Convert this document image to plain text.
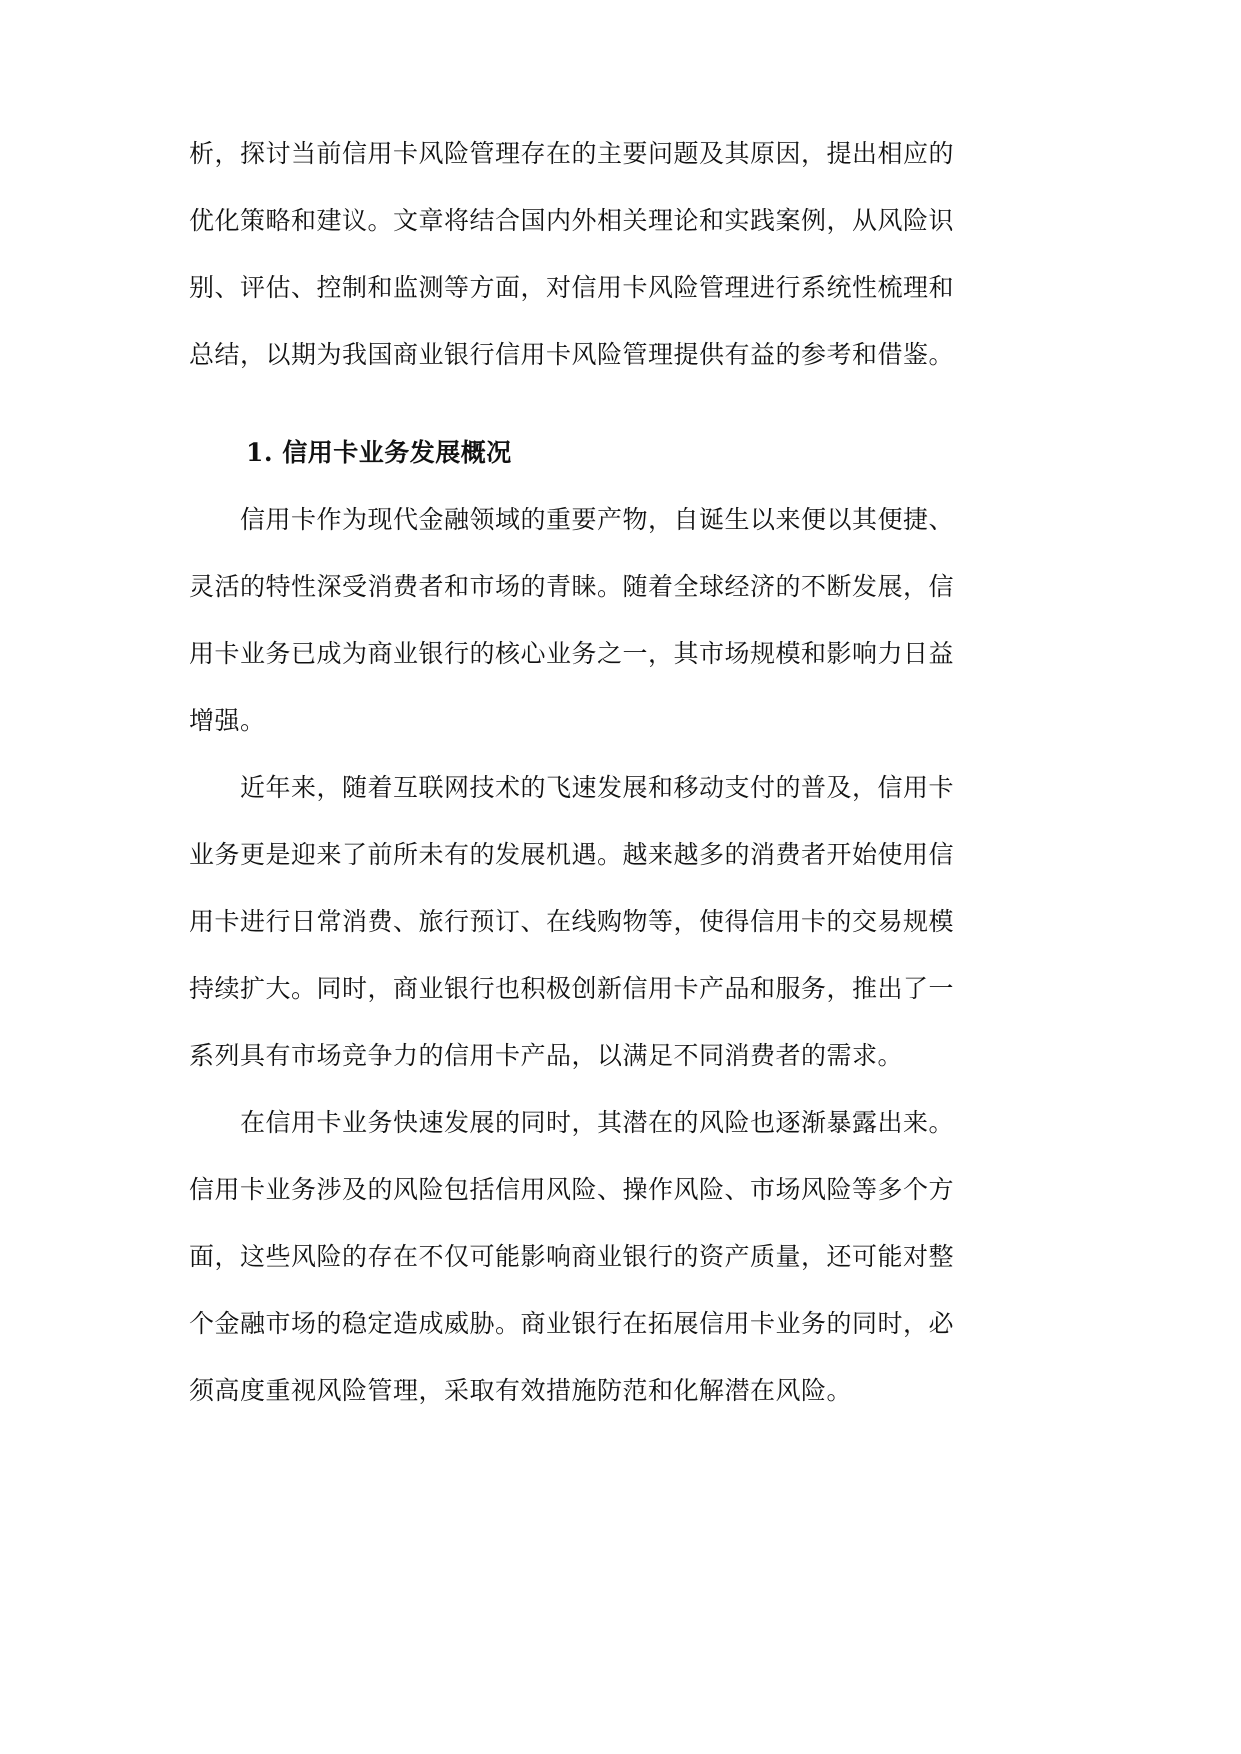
析，探讨当前信用卡风险管理存在的主要问题及其原因，提出相应的
优化策略和建议。文章将结合国内外相关理论和实践案例，从风险识
别、评估、控制和监测等方面，对信用卡风险管理进行系统性梳理和
总结，以期为我国商业银行信用卡风险管理提供有益的参考和借鉴。
1. 信用卡业务发展概况
　　信用卡作为现代金融领域的重要产物，自诞生以来便以其便捷、
灵活的特性深受消费者和市场的青睐。随着全球经济的不断发展，信
用卡业务已成为商业银行的核心业务之一，其市场规模和影响力日益
增强。
　　近年来，随着互联网技术的飞速发展和移动支付的普及，信用卡
业务更是迎来了前所未有的发展机遇。越来越多的消费者开始使用信
用卡进行日常消费、旅行预订、在线购物等，使得信用卡的交易规模
持续扩大。同时，商业银行也积极创新信用卡产品和服务，推出了一
系列具有市场竞争力的信用卡产品，以满足不同消费者的需求。
　　在信用卡业务快速发展的同时，其潜在的风险也逐渐暴露出来。
信用卡业务涉及的风险包括信用风险、操作风险、市场风险等多个方
面，这些风险的存在不仅可能影响商业银行的资产质量，还可能对整
个金融市场的稳定造成威胁。商业银行在拓展信用卡业务的同时，必
须高度重视风险管理，采取有效措施防范和化解潜在风险。
